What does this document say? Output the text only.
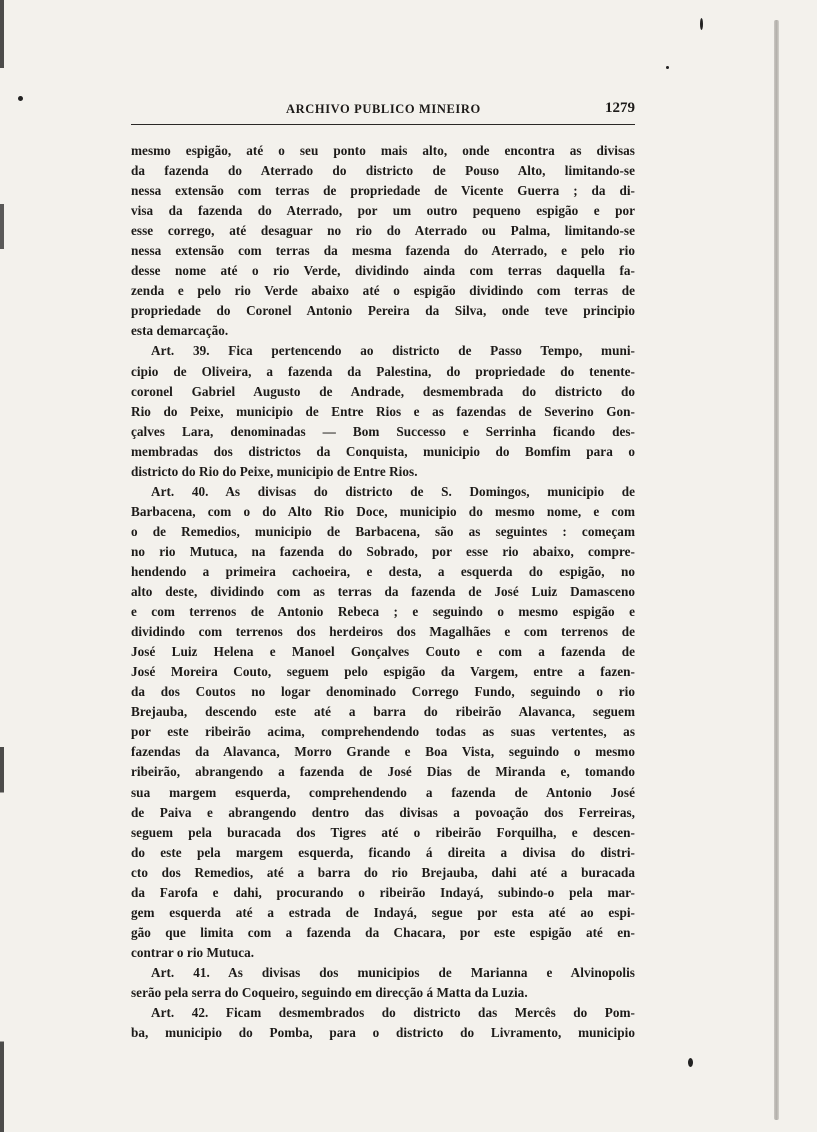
ARCHIVO PUBLICO MINEIRO	1279
mesmo espigão, até o seu ponto mais alto, onde encontra as divisas
da fazenda do Aterrado do districto de Pouso Alto, limitando-se
nessa extensão com terras de propriedade de Vicente Guerra ; da di-
visa da fazenda do Aterrado, por um outro pequeno espigão e por
esse corrego, até desaguar no rio do Aterrado ou Palma, limitando-se
nessa extensão com terras da mesma fazenda do Aterrado, e pelo rio
desse nome até o rio Verde, dividindo ainda com terras daquella fa-
zenda e pelo rio Verde abaixo até o espigão dividindo com terras de
propriedade do Coronel Antonio Pereira da Silva, onde teve principio
esta demarcação.
Art. 39. Fica pertencendo ao districto de Passo Tempo, muni-
cipio de Oliveira, a fazenda da Palestina, do propriedade do tenente-
coronel Gabriel Augusto de Andrade, desmembrada do districto do
Rio do Peixe, municipio de Entre Rios e as fazendas de Severino Gon-
çalves Lara, denominadas — Bom Successo e Serrinha ficando des-
membradas dos districtos da Conquista, municipio do Bomfim para o
districto do Rio do Peixe, municipio de Entre Rios.
Art. 40. As divisas do districto de S. Domingos, municipio de
Barbacena, com o do Alto Rio Doce, municipio do mesmo nome, e com
o de Remedios, municipio de Barbacena, são as seguintes : começam
no rio Mutuca, na fazenda do Sobrado, por esse rio abaixo, compre-
hendendo a primeira cachoeira, e desta, a esquerda do espigão, no
alto deste, dividindo com as terras da fazenda de José Luiz Damasceno
e com terrenos de Antonio Rebeca ; e seguindo o mesmo espigão e
dividindo com terrenos dos herdeiros dos Magalhães e com terrenos de
José Luiz Helena e Manoel Gonçalves Couto e com a fazenda de
José Moreira Couto, seguem pelo espigão da Vargem, entre a fazen-
da dos Coutos no logar denominado Corrego Fundo, seguindo o rio
Brejauba, descendo este até a barra do ribeirão Alavanca, seguem
por este ribeirão acima, comprehendendo todas as suas vertentes, as
fazendas da Alavanca, Morro Grande e Boa Vista, seguindo o mesmo
ribeirão, abrangendo a fazenda de José Dias de Miranda e, tomando
sua margem esquerda, comprehendendo a fazenda de Antonio José
de Paiva e abrangendo dentro das divisas a povoação dos Ferreiras,
seguem pela buracada dos Tigres até o ribeirão Forquilha, e descen-
do este pela margem esquerda, ficando á direita a divisa do distri-
cto dos Remedios, até a barra do rio Brejauba, dahi até a buracada
da Farofa e dahi, procurando o ribeirão Indayá, subindo-o pela mar-
gem esquerda até a estrada de Indayá, segue por esta até ao espi-
gão que limita com a fazenda da Chacara, por este espigão até en-
contrar o rio Mutuca.
Art. 41. As divisas dos municipios de Marianna e Alvinopolis
serão pela serra do Coqueiro, seguindo em direcção á Matta da Luzia.
Art. 42. Ficam desmembrados do districto das Mercês do Pom-
ba, municipio do Pomba, para o districto do Livramento, municipio
